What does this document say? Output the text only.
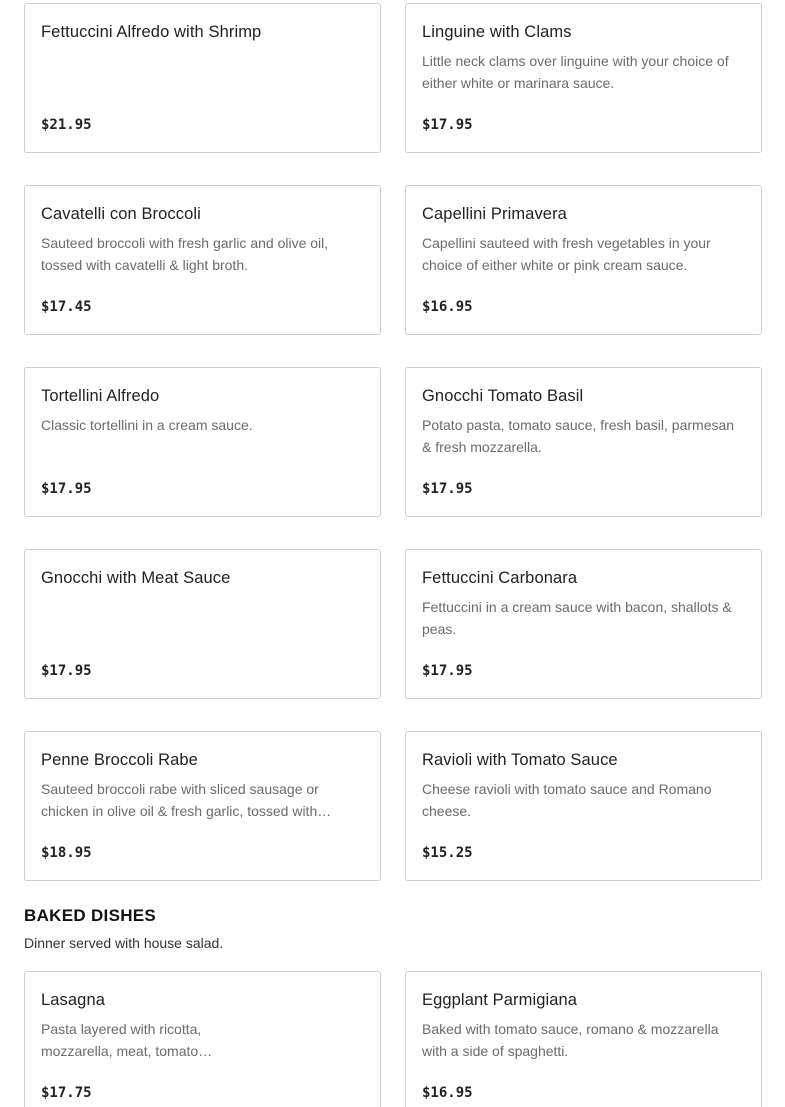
Fettuccini Alfredo with Shrimp
$21.95
Linguine with Clams
Little neck clams over linguine with your choice of either white or marinara sauce.
$17.95
Cavatelli con Broccoli
Sauteed broccoli with fresh garlic and olive oil, tossed with cavatelli & light broth.
$17.45
Capellini Primavera
Capellini sauteed with fresh vegetables in your choice of either white or pink cream sauce.
$16.95
Tortellini Alfredo
Classic tortellini in a cream sauce.
$17.95
Gnocchi Tomato Basil
Potato pasta, tomato sauce, fresh basil, parmesan & fresh mozzarella.
$17.95
Gnocchi with Meat Sauce
$17.95
Fettuccini Carbonara
Fettuccini in a cream sauce with bacon, shallots & peas.
$17.95
Penne Broccoli Rabe
Sauteed broccoli rabe with sliced sausage or chicken in olive oil & fresh garlic, tossed with…
$18.95
Ravioli with Tomato Sauce
Cheese ravioli with tomato sauce and Romano cheese.
$15.25
BAKED DISHES
Dinner served with house salad.
Lasagna
Pasta layered with ricotta, mozzarella, meat, tomato…
$17.75
Eggplant Parmigiana
Baked with tomato sauce, romano & mozzarella with a side of spaghetti.
$16.95
